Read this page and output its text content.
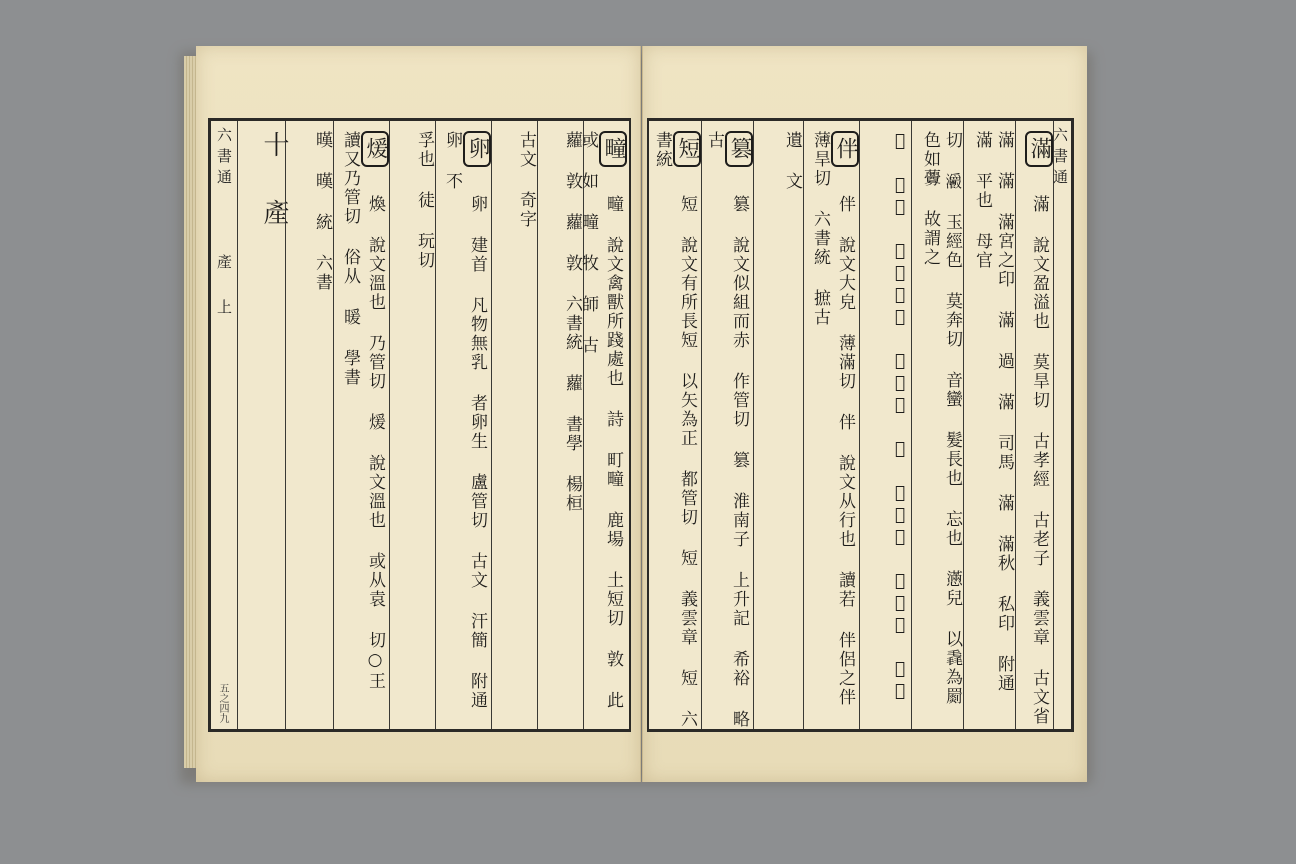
六書通 產 上
五之四九
十 產	暵 暵 統 六書	煖 煥 說文溫也 乃管切 煖 說文溫也 或从袁 切○王 讀又乃管切 俗从 暖 學書	孚也 徒 玩切	卵 卵 建首 凡物無乳 者卵生 盧管切 古文 汗簡 附通 卵 不	古文 奇字	蘿 敦 蘿 敦 六書統 蘿 書學 楊桓 疃 疃 說文禽獸所踐處也 詩 町疃 鹿場 土短切 敦 此 或 如 疃 牧 師 古	短 短 說文有所長短 以矢為正 都管切 短 義雲章 短 六書統	篡 篡 說文似組而赤 作管切 篡 淮南子 上升記 希裕 略古	遺 文	伴 伴 說文大皃 薄滿切 伴 說文从行也 讀若 伴侶之伴 薄旱切 六書統 摭古	𦓤 詩曰 毳衣如𦓤 莫奔切 㒼 松心木 平目也 音蠻	切 𤅥 玉經色 莫奔切 音蠻 髮長也 忘也 懣兒 以毳為罽 色如虋 故謂之	滿 滿 滿宮之印 滿 過 滿 司馬 滿 滿秋 私印 附通 滿 平也 母官	滿 滿 說文盈溢也 莫旱切 古孝經 古老子 義雲章 古文省
六書通
